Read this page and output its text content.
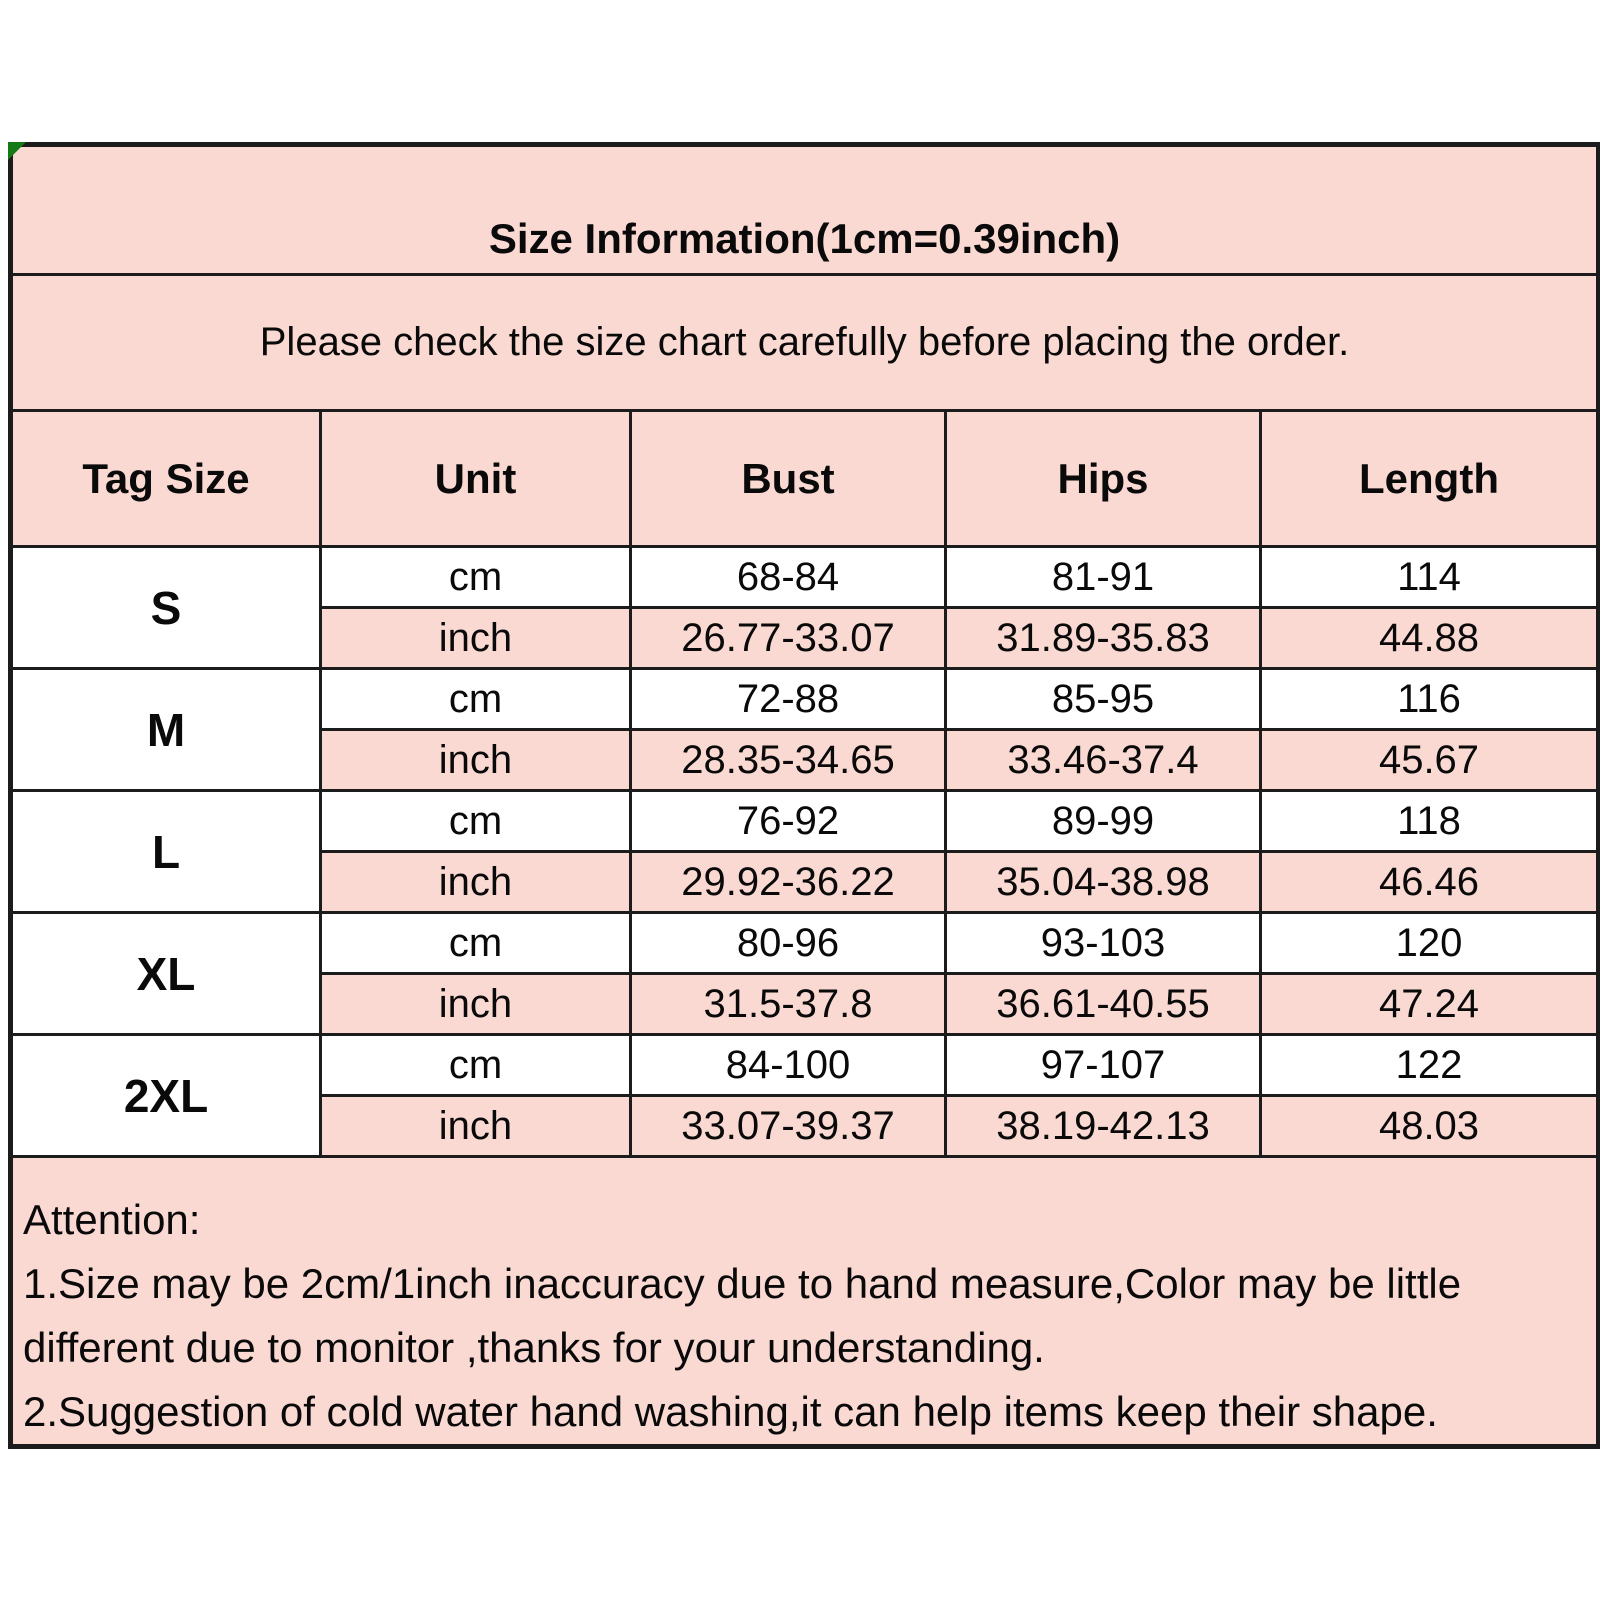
Size Information(1cm=0.39inch)				
Please check the size chart carefully before placing the order.				
Tag Size	Unit	Bust	Hips	Length
S	cm	68-84	81-91	114
	inch	26.77-33.07	31.89-35.83	44.88
M	cm	72-88	85-95	116
	inch	28.35-34.65	33.46-37.4	45.67
L	cm	76-92	89-99	118
	inch	29.92-36.22	35.04-38.98	46.46
XL	cm	80-96	93-103	120
	inch	31.5-37.8	36.61-40.55	47.24
2XL	cm	84-100	97-107	122
	inch	33.07-39.37	38.19-42.13	48.03

Attention:
1.Size may be 2cm/1inch inaccuracy due to hand measure,Color may be little different due to monitor ,thanks for your understanding.
2.Suggestion of cold water hand washing,it can help items keep their shape.				
